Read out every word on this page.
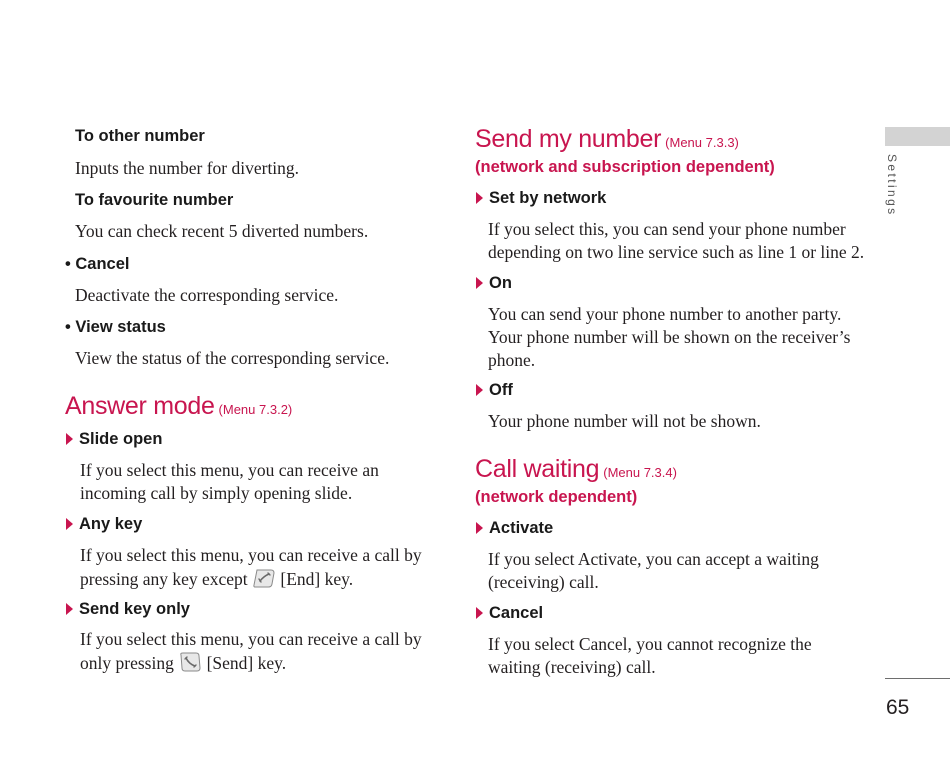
To other number
Inputs the number for diverting.
To favourite number
You can check recent 5 diverted numbers.
• Cancel
Deactivate the corresponding service.
• View status
View the status of the corresponding service.
Answer mode (Menu 7.3.2)
Slide open
If you select this menu, you can receive an
incoming call by simply opening slide.
Any key
If you select this menu, you can receive a call by
pressing any key except [End] key.
Send key only
If you select this menu, you can receive a call by
only pressing [Send] key.
Send my number (Menu 7.3.3)
(network and subscription dependent)
Set by network
If you select this, you can send your phone number
depending on two line service such as line 1 or line 2.
On
You can send your phone number to another party.
Your phone number will be shown on the receiver’s
phone.
Off
Your phone number will not be shown.
Call waiting (Menu 7.3.4)
(network dependent)
Activate
If you select Activate, you can accept a waiting
(receiving) call.
Cancel
If you select Cancel, you cannot recognize the
waiting (receiving) call.
Settings
65
